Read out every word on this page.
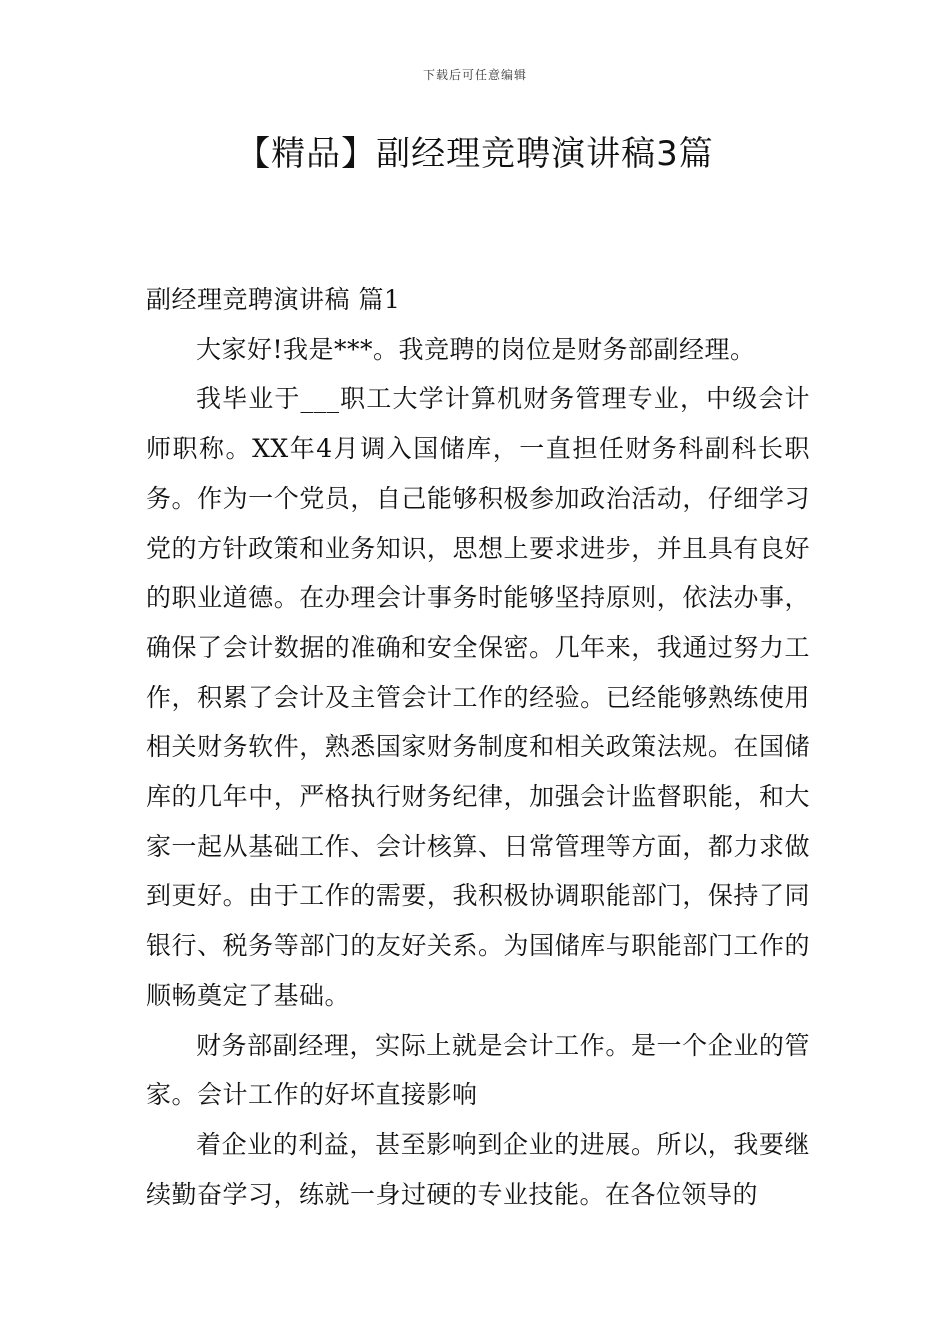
下载后可任意编辑
【精品】副经理竞聘演讲稿3篇
副经理竞聘演讲稿 篇1

大家好!我是***。我竞聘的岗位是财务部副经理。

我毕业于___职工大学计算机财务管理专业，中级会计师职称。XX年4月调入国储库，一直担任财务科副科长职务。作为一个党员，自己能够积极参加政治活动，仔细学习党的方针政策和业务知识，思想上要求进步，并且具有良好的职业道德。在办理会计事务时能够坚持原则，依法办事，确保了会计数据的准确和安全保密。几年来，我通过努力工作，积累了会计及主管会计工作的经验。已经能够熟练使用相关财务软件，熟悉国家财务制度和相关政策法规。在国储库的几年中，严格执行财务纪律，加强会计监督职能，和大家一起从基础工作、会计核算、日常管理等方面，都力求做到更好。由于工作的需要，我积极协调职能部门，保持了同银行、税务等部门的友好关系。为国储库与职能部门工作的顺畅奠定了基础。

财务部副经理，实际上就是会计工作。是一个企业的管家。会计工作的好坏直接影响

着企业的利益，甚至影响到企业的进展。所以，我要继续勤奋学习，练就一身过硬的专业技能。在各位领导的
